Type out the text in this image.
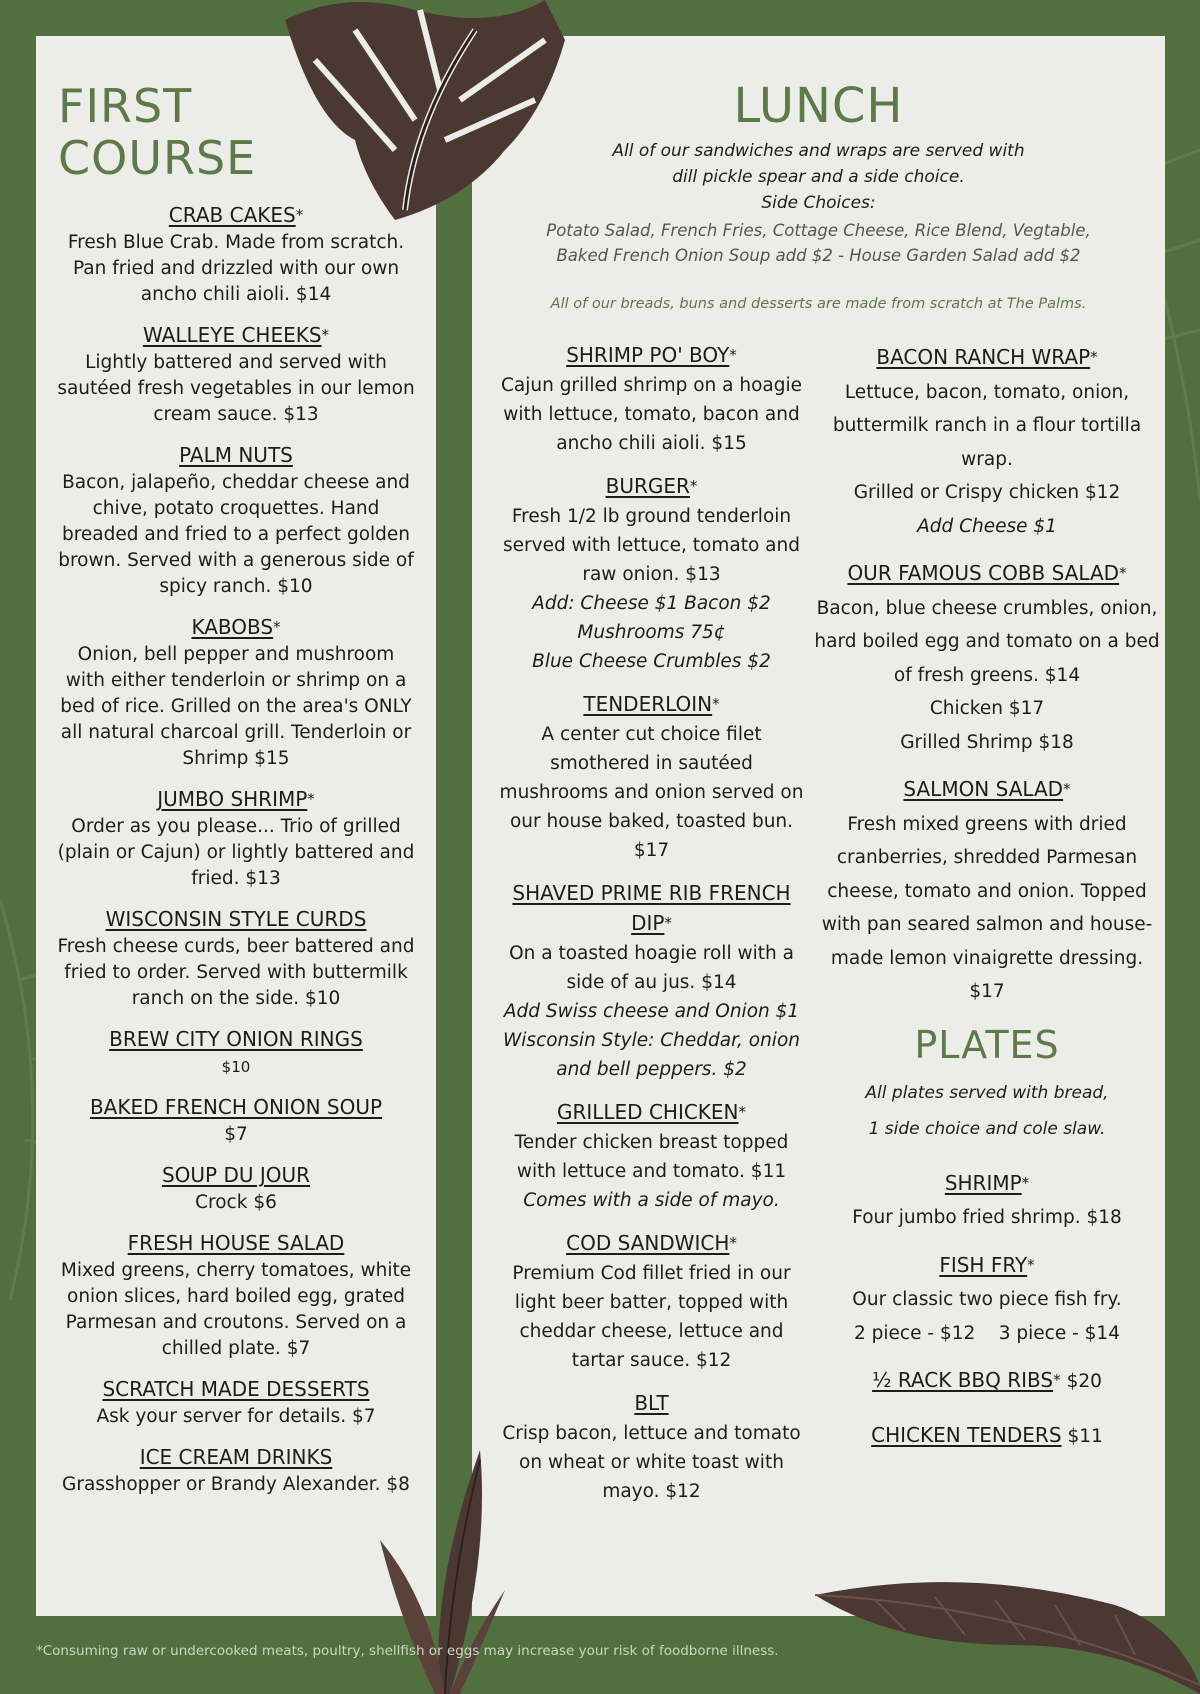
FIRST
COURSE
CRAB CAKES*
Fresh Blue Crab. Made from scratch. Pan fried and drizzled with our own ancho chili aioli. $14
WALLEYE CHEEKS*
Lightly battered and served with sautéed fresh vegetables in our lemon cream sauce. $13
PALM NUTS
Bacon, jalapeño, cheddar cheese and chive, potato croquettes. Hand breaded and fried to a perfect golden brown. Served with a generous side of spicy ranch. $10
KABOBS*
Onion, bell pepper and mushroom with either tenderloin or shrimp on a bed of rice. Grilled on the area's ONLY all natural charcoal grill. Tenderloin or Shrimp $15
JUMBO SHRIMP*
Order as you please... Trio of grilled (plain or Cajun) or lightly battered and fried. $13
WISCONSIN STYLE CURDS
Fresh cheese curds, beer battered and fried to order. Served with buttermilk ranch on the side. $10
BREW CITY ONION RINGS
$10
BAKED FRENCH ONION SOUP
$7
SOUP DU JOUR
Crock $6
FRESH HOUSE SALAD
Mixed greens, cherry tomatoes, white onion slices, hard boiled egg, grated Parmesan and croutons. Served on a chilled plate. $7
SCRATCH MADE DESSERTS
Ask your server for details. $7
ICE CREAM DRINKS
Grasshopper or Brandy Alexander. $8
LUNCH
All of our sandwiches and wraps are served with
dill pickle spear and a side choice.
Side Choices:
Potato Salad, French Fries, Cottage Cheese, Rice Blend, Vegtable,
Baked French Onion Soup add $2 - House Garden Salad add $2
All of our breads, buns and desserts are made from scratch at The Palms.
SHRIMP PO' BOY*
Cajun grilled shrimp on a hoagie with lettuce, tomato, bacon and ancho chili aioli. $15
BURGER*
Fresh 1/2 lb ground tenderloin served with lettuce, tomato and raw onion. $13
Add: Cheese $1 Bacon $2
Mushrooms 75¢
Blue Cheese Crumbles $2
TENDERLOIN*
A center cut choice filet smothered in sautéed mushrooms and onion served on our house baked, toasted bun. $17
SHAVED PRIME RIB FRENCH DIP*
On a toasted hoagie roll with a side of au jus. $14
Add Swiss cheese and Onion $1
Wisconsin Style: Cheddar, onion and bell peppers. $2
GRILLED CHICKEN*
Tender chicken breast topped with lettuce and tomato. $11
Comes with a side of mayo.
COD SANDWICH*
Premium Cod fillet fried in our light beer batter, topped with cheddar cheese, lettuce and tartar sauce. $12
BLT
Crisp bacon, lettuce and tomato on wheat or white toast with mayo. $12
BACON RANCH WRAP*
Lettuce, bacon, tomato, onion, buttermilk ranch in a flour tortilla wrap.
Grilled or Crispy chicken $12
Add Cheese $1
OUR FAMOUS COBB SALAD*
Bacon, blue cheese crumbles, onion, hard boiled egg and tomato on a bed of fresh greens. $14
Chicken $17
Grilled Shrimp $18
SALMON SALAD*
Fresh mixed greens with dried cranberries, shredded Parmesan cheese, tomato and onion. Topped with pan seared salmon and house-made lemon vinaigrette dressing. $17
PLATES
All plates served with bread,
1 side choice and cole slaw.
SHRIMP*
Four jumbo fried shrimp. $18
FISH FRY*
Our classic two piece fish fry.
2 piece - $12    3 piece - $14
½ RACK BBQ RIBS* $20
CHICKEN TENDERS $11
*Consuming raw or undercooked meats, poultry, shellfish or eggs may increase your risk of foodborne illness.
